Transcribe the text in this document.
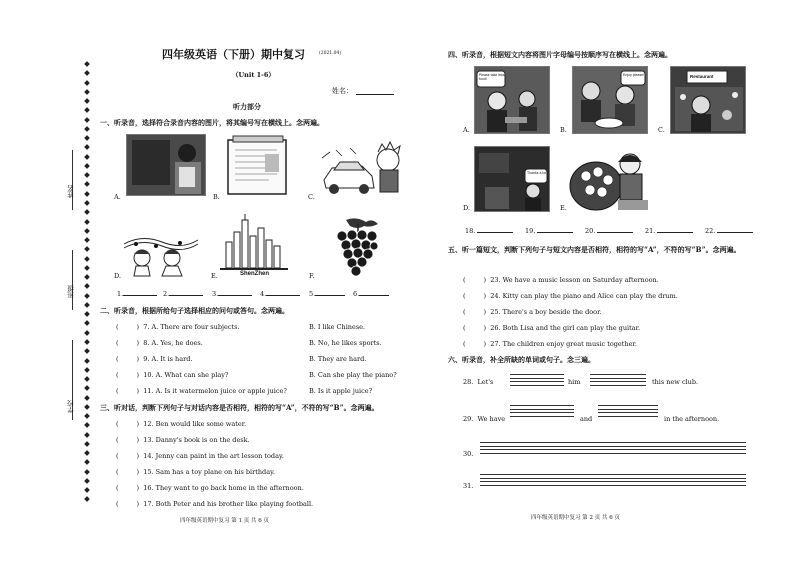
姓名
班级
学校
四年级英语（下册）期中复习	(2021.04)
（Unit 1-6）
姓名：
听力部分
一、听录音，选择符合录音内容的图片，将其编号写在横线上。念两遍。
A.	B.	C.
D.	ShenZhen
E.	F.
1.	2.	3.	4.	5.	6.
二、听录音，根据所给句子选择相应的问句或答句。念两遍。
(	) 7. A. There are four subjects.	B. I like Chinese.
(	) 8. A. Yes, he does.	B. No, he likes sports.
(	) 9. A. It is hard.	B. They are hard.
(	) 10. A. What can she play?	B. Can she play the piano?
(	) 11. A. Is it watermelon juice or apple juice?	B. Is it apple juice?
三、听对话，判断下列句子与对话内容是否相符，相符的写“A”，不符的写“B”。念两遍。
(	)  12. Ben would like some water.
(	)  13. Danny's book is on the desk.
(	)  14. Jenny can paint in the art lesson today.
(	)  15. Sam has a toy plane on his birthday.
(	)  16. They want to go back home in the afternoon.
(	)  17. Both Peter and his brother like playing football.
四年级英语期中复习 第 1 页 共 6 页
四、听录音，根据短文内容将图片字母编号按顺序写在横线上。念两遍。
Please take less food!
A.
Enjoy please!
B.
Restaurant
C.
Thanks a lot
D.	E.
18.	19.	20.	21.	22.
五、听一篇短文，判断下列句子与短文内容是否相符，相符的写“A”，不符的写“B”。念两遍。
(	)  23. We have a music lesson on Saturday afternoon.
(	)  24. Kitty can play the piano and Alice can play the drum.
(	)  25. There's a boy beside the door.
(	)  26. Both Lisa and the girl can play the guitar.
(	)  27. The children enjoy great music together.
六、听录音，补全所缺的单词或句子。念三遍。
28. Let's	him	this new club.
29. We have	and	in the afternoon.
30.
31.
四年级英语期中复习 第 2 页 共 6 页
